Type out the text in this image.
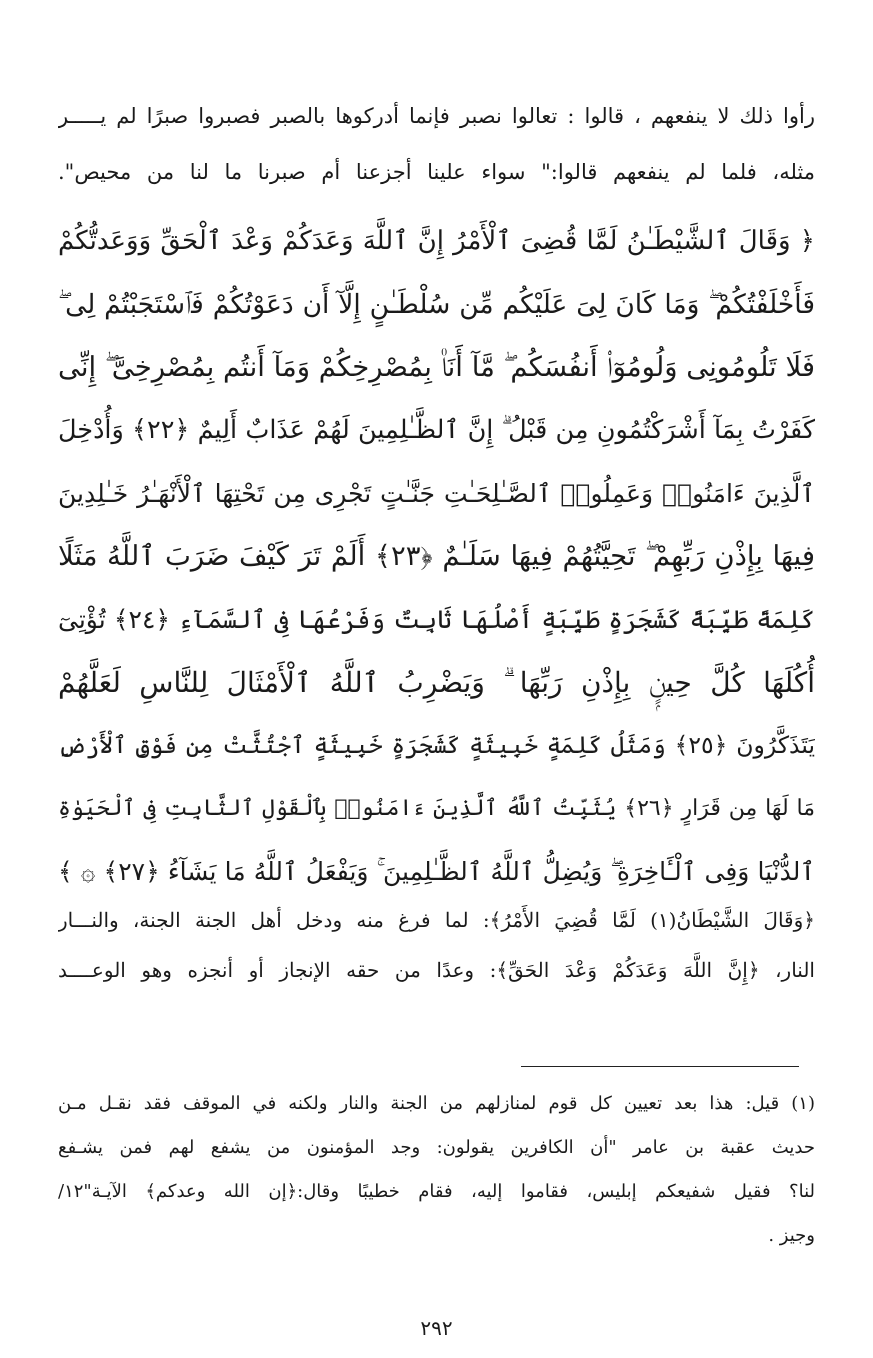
رأوا ذلك لا ينفعهم ، قالوا : تعالوا نصبر فإنما أدركوها بالصبر فصبروا صبرًا لم يـــــر
مثله، فلما لم ينفعهم قالوا:" سواء علينا أجزعنا أم صبرنا ما لنا من محيص".
﴿ وَقَالَ ٱلشَّيْطَـٰنُ لَمَّا قُضِىَ ٱلْأَمْرُ إِنَّ ٱللَّهَ وَعَدَكُمْ وَعْدَ ٱلْحَقِّ وَوَعَدتُّكُمْ
فَأَخْلَفْتُكُمْ ۖ وَمَا كَانَ لِىَ عَلَيْكُم مِّن سُلْطَـٰنٍ إِلَّآ أَن دَعَوْتُكُمْ فَٱسْتَجَبْتُمْ لِى ۖ
فَلَا تَلُومُونِى وَلُومُوٓا۟ أَنفُسَكُم ۖ مَّآ أَنَا۠ بِمُصْرِخِكُمْ وَمَآ أَنتُم بِمُصْرِخِىَّ ۖ إِنِّى
كَفَرْتُ بِمَآ أَشْرَكْتُمُونِ مِن قَبْلُ ۗ إِنَّ ٱلظَّـٰلِمِينَ لَهُمْ عَذَابٌ أَلِيمٌ ﴿٢٢﴾ وَأُدْخِلَ
ٱلَّذِينَ ءَامَنُوا۟ وَعَمِلُوا۟ ٱلصَّـٰلِحَـٰتِ جَنَّـٰتٍ تَجْرِى مِن تَحْتِهَا ٱلْأَنْهَـٰرُ خَـٰلِدِينَ
فِيهَا بِإِذْنِ رَبِّهِمْ ۖ تَحِيَّتُهُمْ فِيهَا سَلَـٰمٌ ﴿٢٣﴾ أَلَمْ تَرَ كَيْفَ ضَرَبَ ٱللَّهُ مَثَلًا
كَلِمَةً طَيِّبَةً كَشَجَرَةٍ طَيِّبَةٍ أَصْلُهَا ثَابِتٌ وَفَرْعُهَا فِى ٱلسَّمَآءِ ﴿٢٤﴾ تُؤْتِىٓ
أُكُلَهَا كُلَّ حِينٍۭ بِإِذْنِ رَبِّهَا ۗ وَيَضْرِبُ ٱللَّهُ ٱلْأَمْثَالَ لِلنَّاسِ لَعَلَّهُمْ
يَتَذَكَّرُونَ ﴿٢٥﴾ وَمَثَلُ كَلِمَةٍ خَبِيثَةٍ كَشَجَرَةٍ خَبِيثَةٍ ٱجْتُثَّتْ مِن فَوْقِ ٱلْأَرْضِ
مَا لَهَا مِن قَرَارٍ ﴿٢٦﴾ يُثَبِّتُ ٱللَّهُ ٱلَّذِينَ ءَامَنُوا۟ بِٱلْقَوْلِ ٱلثَّابِتِ فِى ٱلْحَيَوٰةِ
ٱلدُّنْيَا وَفِى ٱلْـَٔاخِرَةِ ۖ وَيُضِلُّ ٱللَّهُ ٱلظَّـٰلِمِينَ ۚ وَيَفْعَلُ ٱللَّهُ مَا يَشَآءُ ﴿٢٧﴾ ۞ ﴾
﴿وَقَالَ الشَّيْطَانُ(١) لَمَّا قُضِيَ الأَمْرُ﴾: لما فرغ منه ودخل أهل الجنة الجنة، والنـــار
النار، ﴿إِنَّ اللَّهَ وَعَدَكُمْ وَعْدَ الحَقِّ﴾: وعدًا من حقه الإنجاز أو أنجزه وهو الوعــــد
(١) قيل: هذا بعد تعيين كل قوم لمنازلهم من الجنة والنار ولكنه في الموقف فقد نقـل مـن
حديث عقبة بن عامر "أن الكافرين يقولون: وجد المؤمنون من يشفع لهم فمن يشـفع
لنا؟ فقيل شفيعكم إبليس، فقاموا إليه، فقام خطيبًا وقال:﴿إن الله وعدكم﴾ الآيـة"١٢/
وجيز .
٢٩٢
